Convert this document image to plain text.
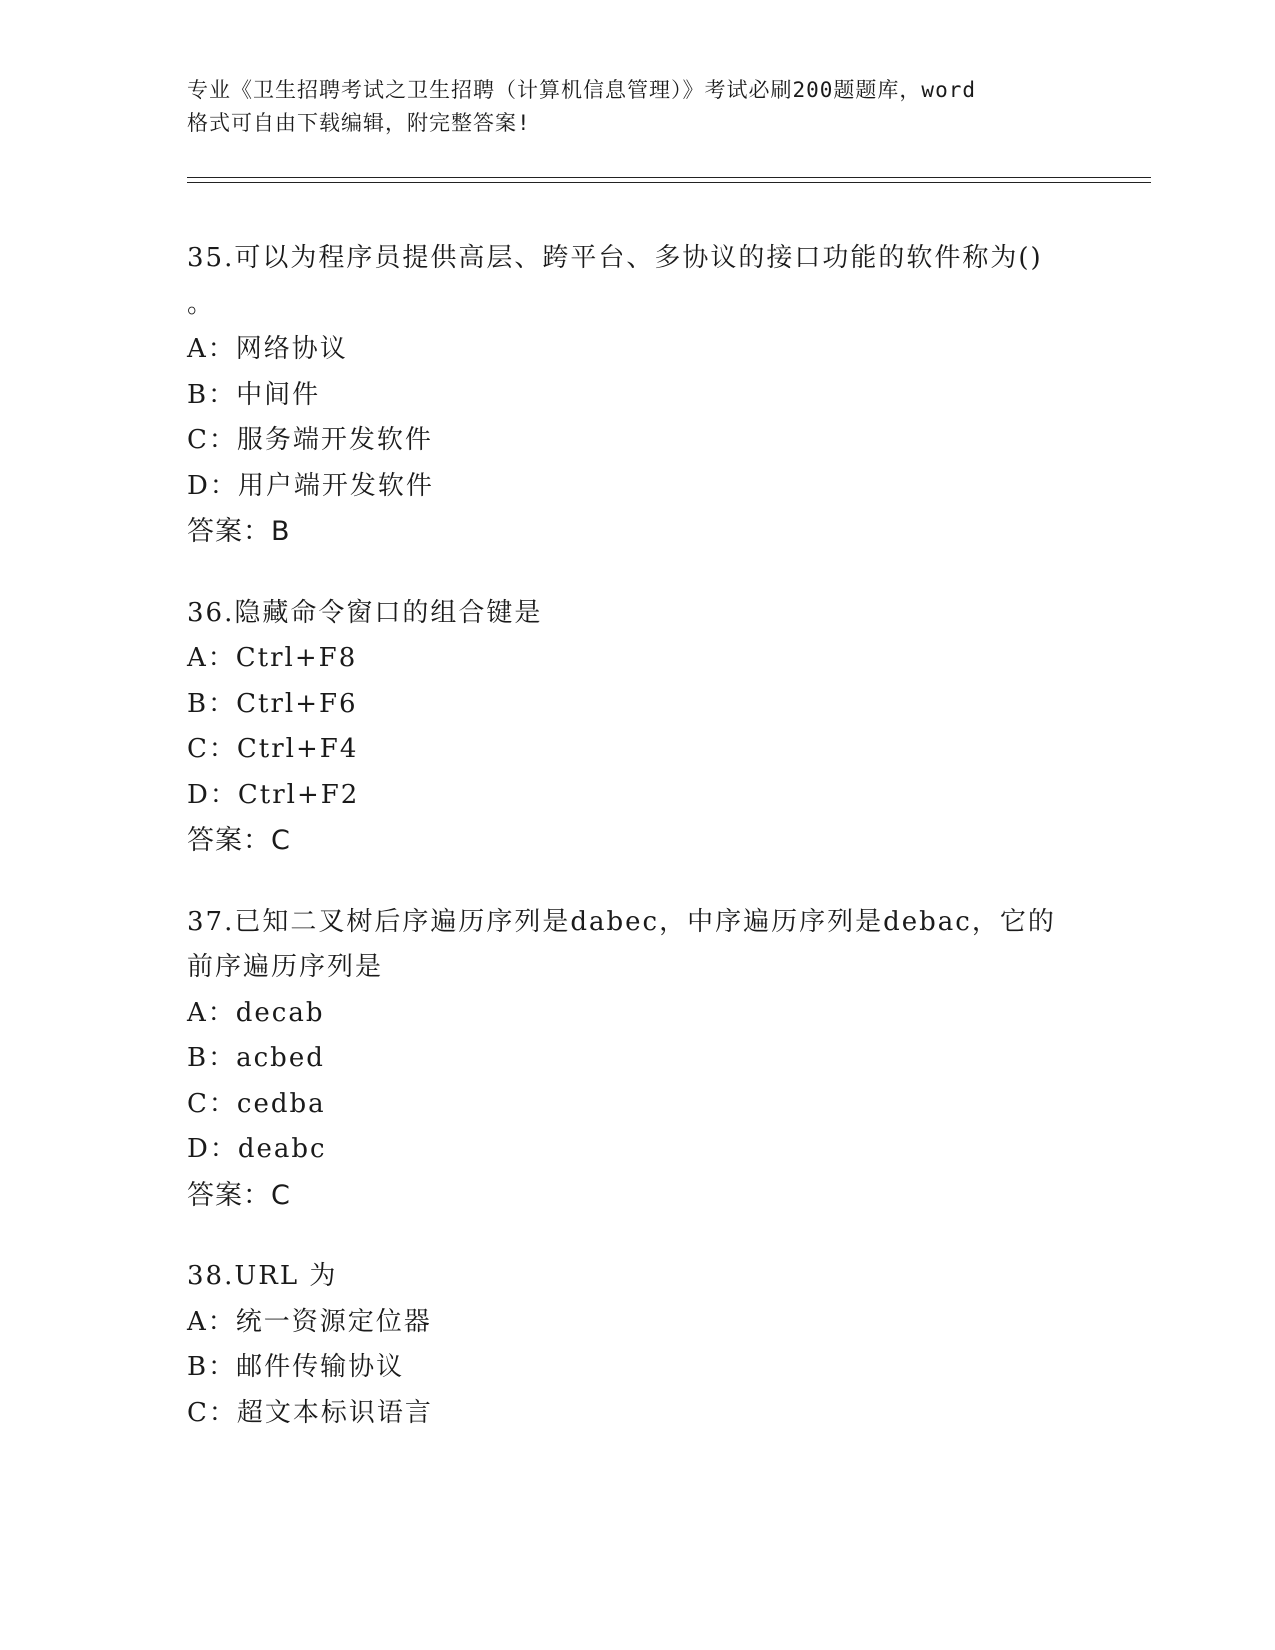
专业《卫生招聘考试之卫生招聘（计算机信息管理）》考试必刷200题题库，word
格式可自由下载编辑，附完整答案!
35.可以为程序员提供高层、跨平台、多协议的接口功能的软件称为()
。
A：网络协议
B：中间件
C：服务端开发软件
D：用户端开发软件
答案：B
36.隐藏命令窗口的组合键是
A：Ctrl+F8
B：Ctrl+F6
C：Ctrl+F4
D：Ctrl+F2
答案：C
37.已知二叉树后序遍历序列是dabec，中序遍历序列是debac，它的
前序遍历序列是
A：decab
B：acbed
C：cedba
D：deabc
答案：C
38.URL 为
A：统一资源定位器
B：邮件传输协议
C：超文本标识语言
